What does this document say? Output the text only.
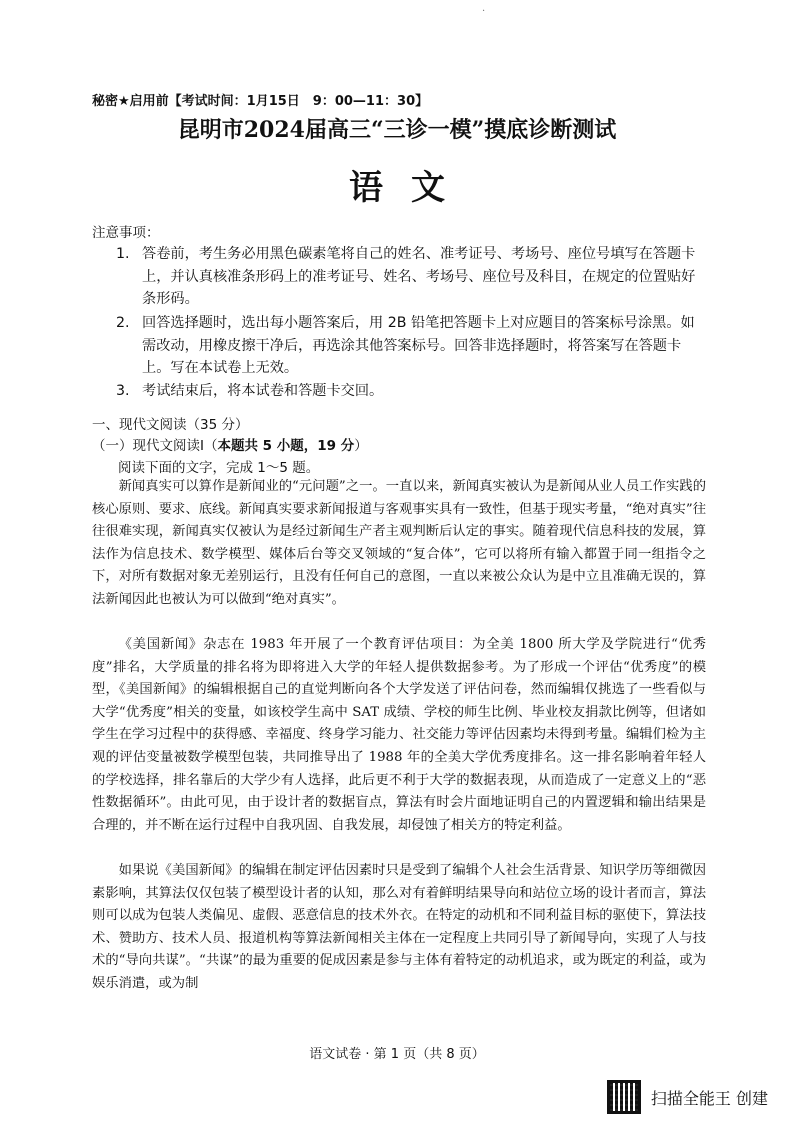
·
秘密★启用前【考试时间：1月15日　9：00—11：30】
昆明市2024届高三“三诊一模”摸底诊断测试
语文
注意事项：
1. 答卷前，考生务必用黑色碳素笔将自己的姓名、准考证号、考场号、座位号填写在答题卡上，并认真核准条形码上的准考证号、姓名、考场号、座位号及科目，在规定的位置贴好条形码。
2. 回答选择题时，选出每小题答案后，用 2B 铅笔把答题卡上对应题目的答案标号涂黑。如需改动，用橡皮擦干净后，再选涂其他答案标号。回答非选择题时，将答案写在答题卡上。写在本试卷上无效。
3. 考试结束后，将本试卷和答题卡交回。
一、现代文阅读（35 分）
（一）现代文阅读Ⅰ（本题共 5 小题，19 分）
阅读下面的文字，完成 1～5 题。
新闻真实可以算作是新闻业的“元问题”之一。一直以来，新闻真实被认为是新闻从业人员工作实践的核心原则、要求、底线。新闻真实要求新闻报道与客观事实具有一致性，但基于现实考量，“绝对真实”往往很难实现，新闻真实仅被认为是经过新闻生产者主观判断后认定的事实。随着现代信息科技的发展，算法作为信息技术、数学模型、媒体后台等交叉领域的“复合体”，它可以将所有输入都置于同一组指令之下，对所有数据对象无差别运行，且没有任何自己的意图，一直以来被公众认为是中立且准确无误的，算法新闻因此也被认为可以做到“绝对真实”。
《美国新闻》杂志在 1983 年开展了一个教育评估项目：为全美 1800 所大学及学院进行“优秀度”排名，大学质量的排名将为即将进入大学的年轻人提供数据参考。为了形成一个评估“优秀度”的模型，《美国新闻》的编辑根据自己的直觉判断向各个大学发送了评估问卷，然而编辑仅挑选了一些看似与大学“优秀度”相关的变量，如该校学生高中 SAT 成绩、学校的师生比例、毕业校友捐款比例等，但诸如学生在学习过程中的获得感、幸福度、终身学习能力、社交能力等评估因素均未得到考量。编辑们检为主观的评估变量被数学模型包装，共同推导出了 1988 年的全美大学优秀度排名。这一排名影响着年轻人的学校选择，排名靠后的大学少有人选择，此后更不利于大学的数据表现，从而造成了一定意义上的“恶性数据循环”。由此可见，由于设计者的数据盲点，算法有时会片面地证明自己的内置逻辑和输出结果是合理的，并不断在运行过程中自我巩固、自我发展，却侵蚀了相关方的特定利益。
如果说《美国新闻》的编辑在制定评估因素时只是受到了编辑个人社会生活背景、知识学历等细微因素影响，其算法仅仅包装了模型设计者的认知，那么对有着鲜明结果导向和站位立场的设计者而言，算法则可以成为包装人类偏见、虚假、恶意信息的技术外衣。在特定的动机和不同利益目标的驱使下，算法技术、赞助方、技术人员、报道机构等算法新闻相关主体在一定程度上共同引导了新闻导向，实现了人与技术的“导向共谋”。“共谋”的最为重要的促成因素是参与主体有着特定的动机追求，或为既定的利益，或为娱乐消遣，或为制
语文试卷 · 第 1 页（共 8 页）
扫描全能王 创建
